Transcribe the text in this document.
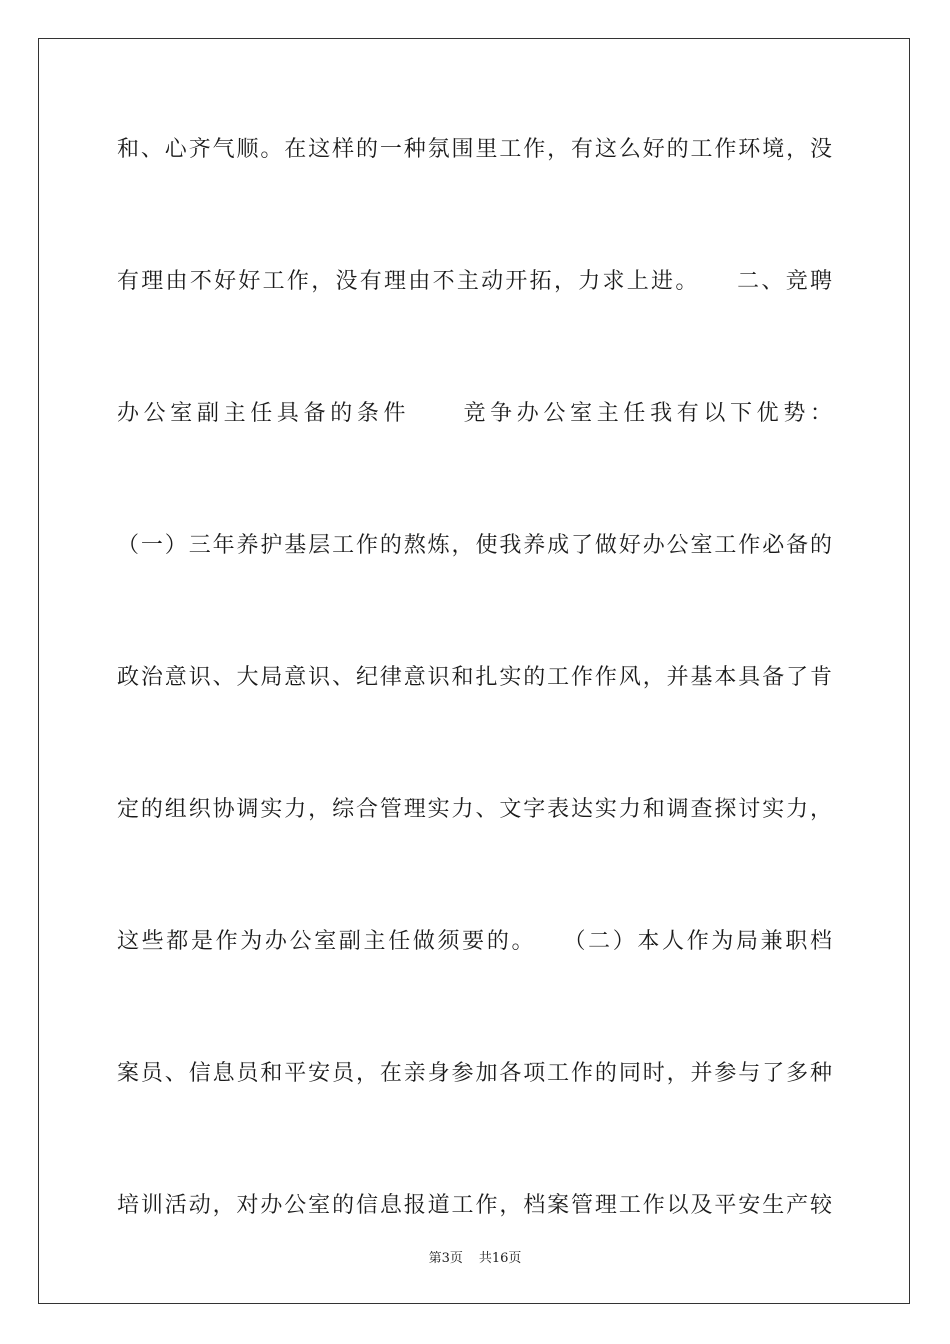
和、心齐气顺。在这样的一种氛围里工作，有这么好的工作环境，没
有理由不好好工作，没有理由不主动开拓，力求上进。　　二、竞聘
办公室副主任具备的条件　　竞争办公室主任我有以下优势：
（一）三年养护基层工作的熬炼，使我养成了做好办公室工作必备的
政治意识、大局意识、纪律意识和扎实的工作作风，并基本具备了肯
定的组织协调实力，综合管理实力、文字表达实力和调查探讨实力，
这些都是作为办公室副主任做须要的。　　（二）本人作为局兼职档
案员、信息员和平安员，在亲身参加各项工作的同时，并参与了多种
培训活动，对办公室的信息报道工作，档案管理工作以及平安生产较
第3页 共16页
